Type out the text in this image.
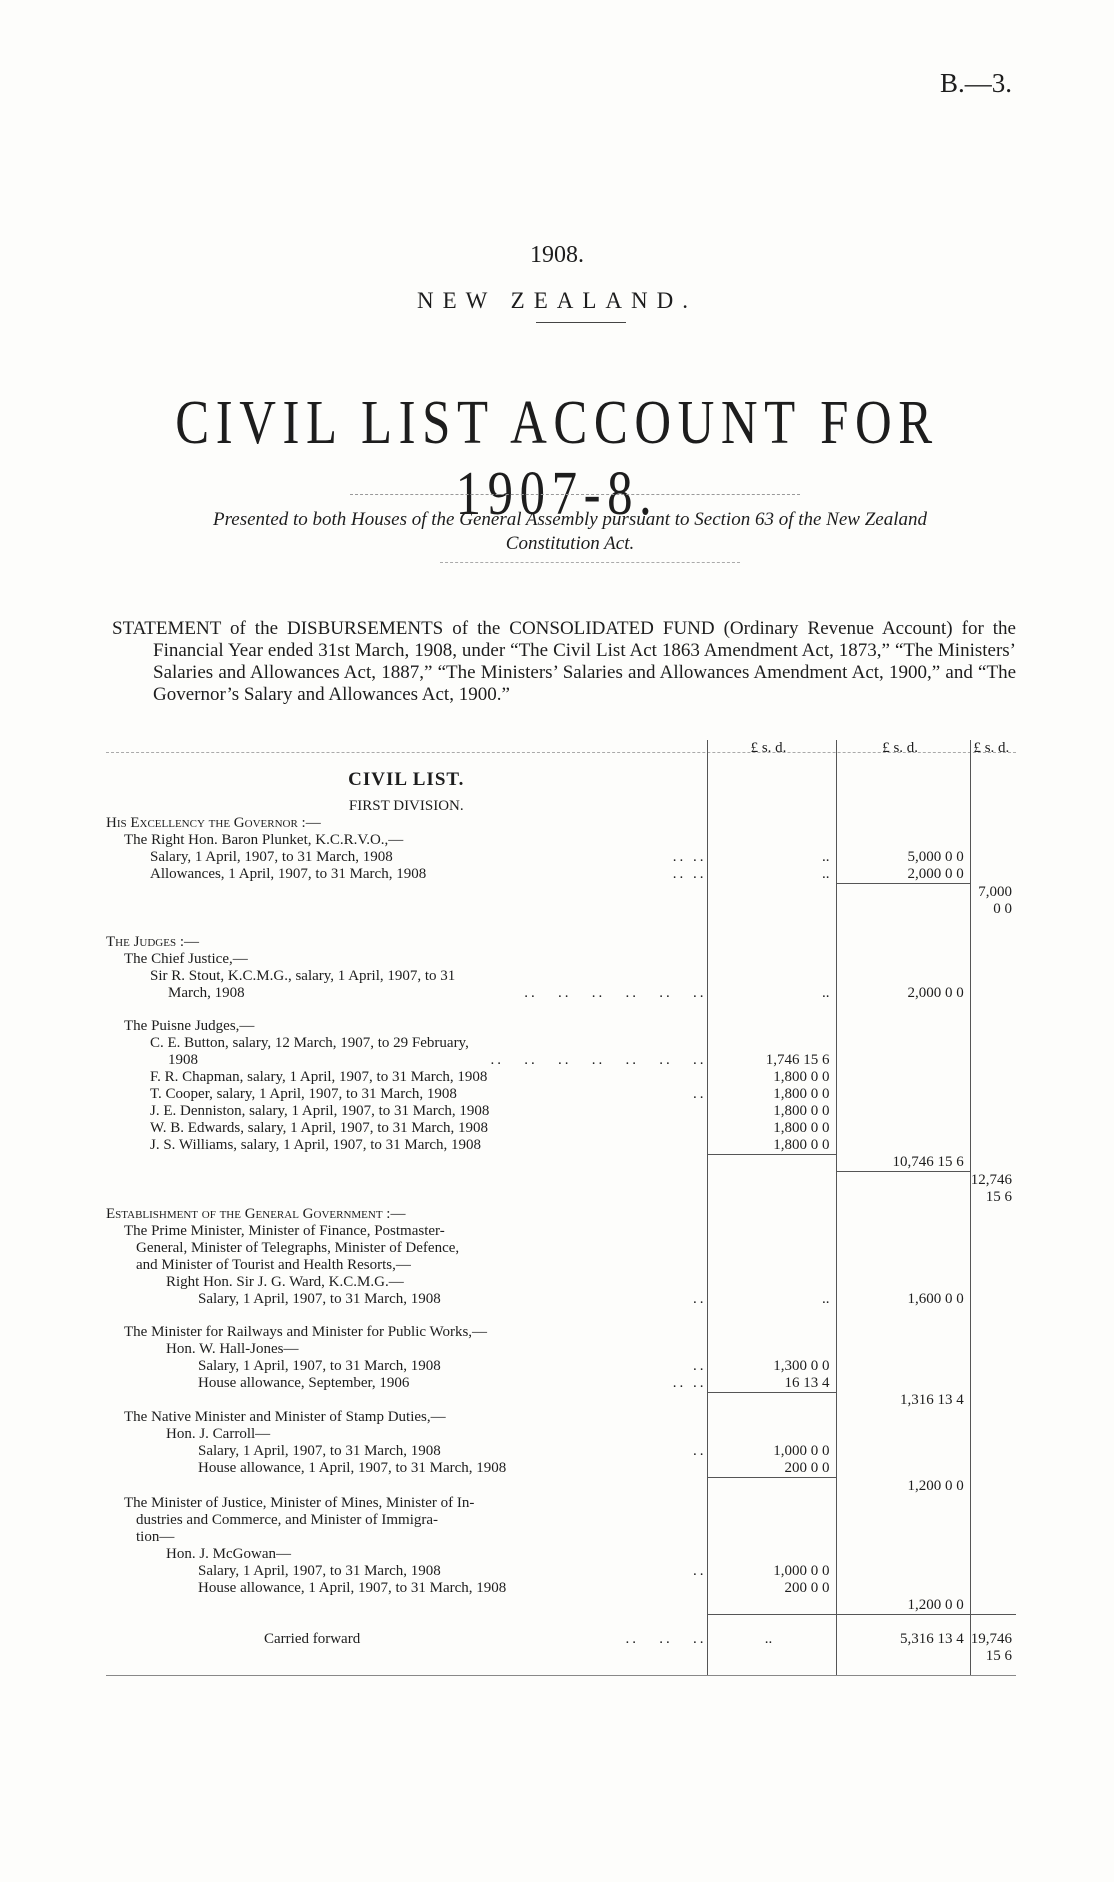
B.—3.
1908.
NEW ZEALAND.
CIVIL LIST ACCOUNT FOR 1907-8.
Presented to both Houses of the General Assembly pursuant to Section 63 of the New Zealand Constitution Act.

STATEMENT of the DISBURSEMENTS of the CONSOLIDATED FUND (Ordinary Revenue Account) for the Financial Year ended 31st March, 1908, under “The Civil List Act 1863 Amendment Act, 1873,” “The Ministers’ Salaries and Allowances Act, 1887,” “The Ministers’ Salaries and Allowances Amendment Act, 1900,” and “The Governor’s Salary and Allowances Act, 1900.”

	£ s. d.	£ s. d.	£ s. d.
CIVIL LIST.			
FIRST DIVISION.			
His Excellency the Governor :—			
The Right Hon. Baron Plunket, K.C.R.V.O.,—			
Salary, 1 April, 1907, to 31 March, 1908 .. ..	..	5,000 0 0	
Allowances, 1 April, 1907, to 31 March, 1908 .. ..	..	2,000 0 0	
			7,000 0 0

The Judges :—			
The Chief Justice,—			
Sir R. Stout, K.C.M.G., salary, 1 April, 1907, to 31			
March, 1908 ..   ..   ..   ..   ..   ..	..	2,000 0 0	

The Puisne Judges,—			
C. E. Button, salary, 12 March, 1907, to 29 February,			
1908 ..   ..   ..   ..   ..   ..   ..	1,746 15 6		
F. R. Chapman, salary, 1 April, 1907, to 31 March, 1908	1,800 0 0		
T. Cooper, salary, 1 April, 1907, to 31 March, 1908 ..	1,800 0 0		
J. E. Denniston, salary, 1 April, 1907, to 31 March, 1908	1,800 0 0		
W. B. Edwards, salary, 1 April, 1907, to 31 March, 1908	1,800 0 0		
J. S. Williams, salary, 1 April, 1907, to 31 March, 1908	1,800 0 0		
		10,746 15 6	
			12,746 15 6
Establishment of the General Government :—			
The Prime Minister, Minister of Finance, Postmaster-			
General, Minister of Telegraphs, Minister of Defence,			
and Minister of Tourist and Health Resorts,—			
Right Hon. Sir J. G. Ward, K.C.M.G.—			
Salary, 1 April, 1907, to 31 March, 1908 ..	..	1,600 0 0	

The Minister for Railways and Minister for Public Works,—			
Hon. W. Hall-Jones—			
Salary, 1 April, 1907, to 31 March, 1908 ..	1,300 0 0		
House allowance, September, 1906 .. ..	16 13 4		
		1,316 13 4	
The Native Minister and Minister of Stamp Duties,—			
Hon. J. Carroll—			
Salary, 1 April, 1907, to 31 March, 1908 ..	1,000 0 0		
House allowance, 1 April, 1907, to 31 March, 1908	200 0 0		
		1,200 0 0	
The Minister of Justice, Minister of Mines, Minister of In-			
dustries and Commerce, and Minister of Immigra-			
tion—			
Hon. J. McGowan—			
Salary, 1 April, 1907, to 31 March, 1908 ..	1,000 0 0		
House allowance, 1 April, 1907, to 31 March, 1908	200 0 0		
		1,200 0 0	

Carried forward ..   ..   ..	..	5,316 13 4	19,746 15 6
